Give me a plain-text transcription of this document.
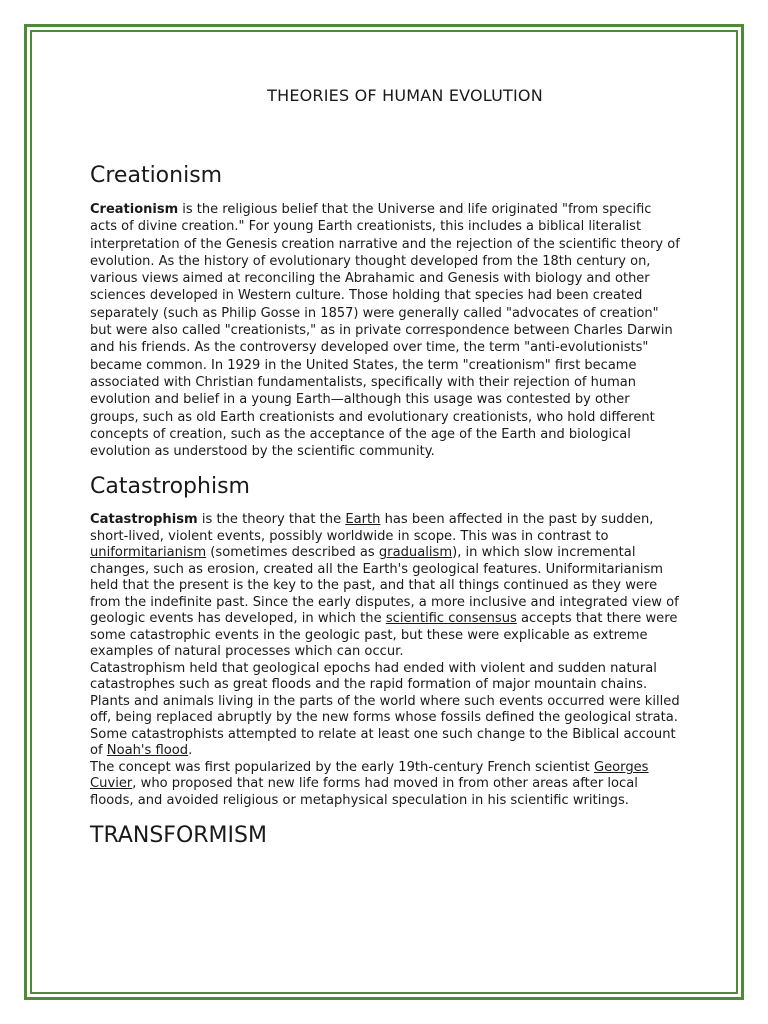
THEORIES OF HUMAN EVOLUTION
Creationism

Creationism is the religious belief that the Universe and life originated "from specific acts of divine creation." For young Earth creationists, this includes a biblical literalist interpretation of the Genesis creation narrative and the rejection of the scientific theory of evolution. As the history of evolutionary thought developed from the 18th century on, various views aimed at reconciling the Abrahamic and Genesis with biology and other sciences developed in Western culture. Those holding that species had been created separately (such as Philip Gosse in 1857) were generally called "advocates of creation" but were also called "creationists," as in private correspondence between Charles Darwin and his friends. As the controversy developed over time, the term "anti-evolutionists" became common. In 1929 in the United States, the term "creationism" first became associated with Christian fundamentalists, specifically with their rejection of human evolution and belief in a young Earth—although this usage was contested by other groups, such as old Earth creationists and evolutionary creationists, who hold different concepts of creation, such as the acceptance of the age of the Earth and biological evolution as understood by the scientific community.

Catastrophism

Catastrophism is the theory that the Earth has been affected in the past by sudden, short-lived, violent events, possibly worldwide in scope. This was in contrast to uniformitarianism (sometimes described as gradualism), in which slow incremental changes, such as erosion, created all the Earth's geological features. Uniformitarianism held that the present is the key to the past, and that all things continued as they were from the indefinite past. Since the early disputes, a more inclusive and integrated view of geologic events has developed, in which the scientific consensus accepts that there were some catastrophic events in the geologic past, but these were explicable as extreme examples of natural processes which can occur.

Catastrophism held that geological epochs had ended with violent and sudden natural catastrophes such as great floods and the rapid formation of major mountain chains. Plants and animals living in the parts of the world where such events occurred were killed off, being replaced abruptly by the new forms whose fossils defined the geological strata. Some catastrophists attempted to relate at least one such change to the Biblical account of Noah's flood.

The concept was first popularized by the early 19th-century French scientist Georges Cuvier, who proposed that new life forms had moved in from other areas after local floods, and avoided religious or metaphysical speculation in his scientific writings.

TRANSFORMISM
